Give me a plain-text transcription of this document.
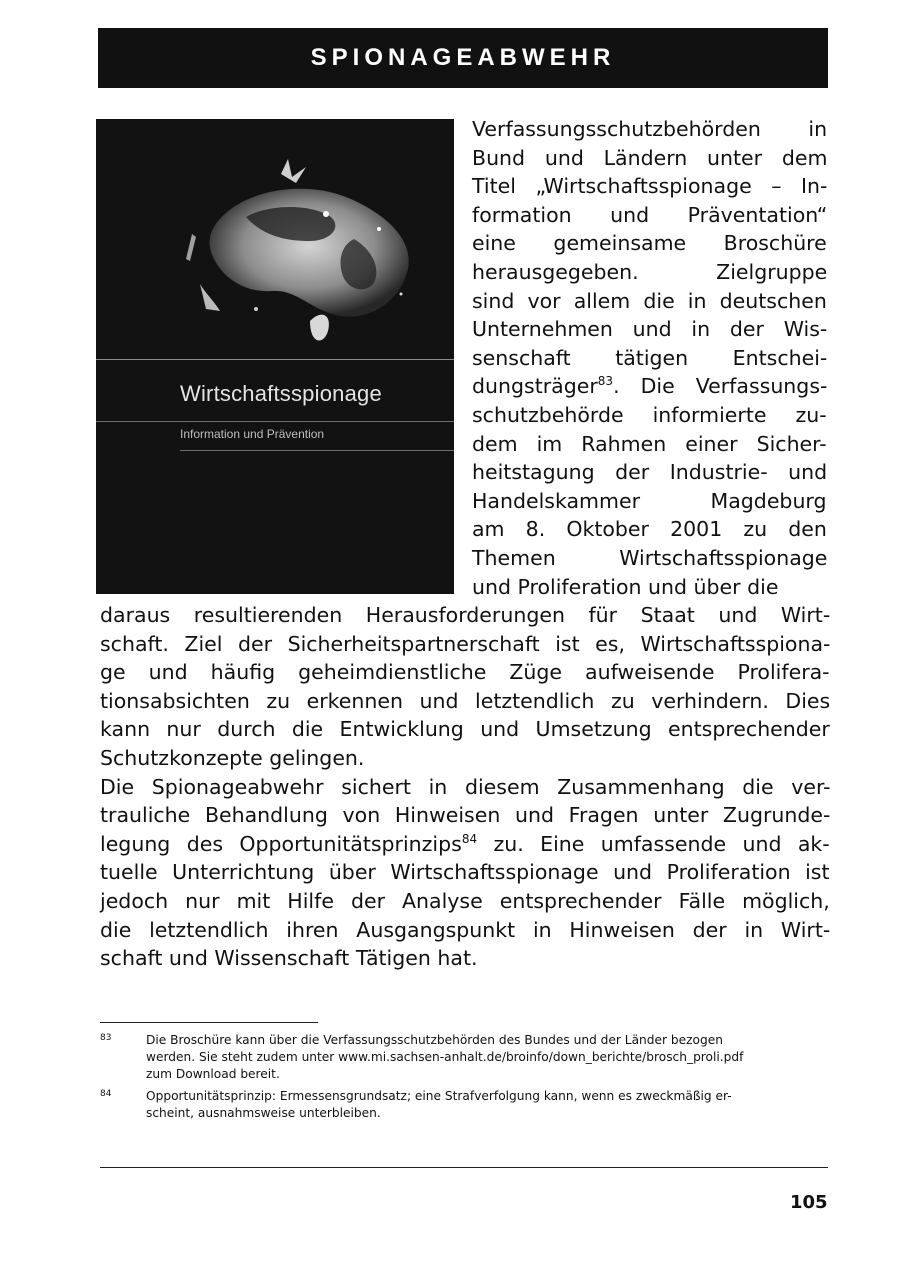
SPIONAGEABWEHR
Wirtschaftsspionage
Information und Prävention
Verfassungsschutzbehörden in
Bund und Ländern unter dem
Titel „Wirtschaftsspionage – In-
formation und Präventation“
eine gemeinsame Broschüre
herausgegeben. Zielgruppe
sind vor allem die in deutschen
Unternehmen und in der Wis-
senschaft tätigen Entschei-
dungsträger$^{83}$. Die Verfassungs-
schutzbehörde informierte zu-
dem im Rahmen einer Sicher-
heitstagung der Industrie- und
Handelskammer Magdeburg
am 8. Oktober 2001 zu den
Themen Wirtschaftsspionage
und Proliferation und über die
daraus resultierenden Herausforderungen für Staat und Wirt-
schaft. Ziel der Sicherheitspartnerschaft ist es, Wirtschaftsspiona-
ge und häufig geheimdienstliche Züge aufweisende Prolifera-
tionsabsichten zu erkennen und letztendlich zu verhindern. Dies
kann nur durch die Entwicklung und Umsetzung entsprechender
Schutzkonzepte gelingen.
Die Spionageabwehr sichert in diesem Zusammenhang die ver-
trauliche Behandlung von Hinweisen und Fragen unter Zugrunde-
legung des Opportunitätsprinzips$^{84}$ zu. Eine umfassende und ak-
tuelle Unterrichtung über Wirtschaftsspionage und Proliferation ist
jedoch nur mit Hilfe der Analyse entsprechender Fälle möglich,
die letztendlich ihren Ausgangspunkt in Hinweisen der in Wirt-
schaft und Wissenschaft Tätigen hat.
83	Die Broschüre kann über die Verfassungsschutzbehörden des Bundes und der Länder bezogen
werden. Sie steht zudem unter www.mi.sachsen-anhalt.de/broinfo/down_berichte/brosch_proli.pdf
zum Download bereit.
84	Opportunitätsprinzip: Ermessensgrundsatz; eine Strafverfolgung kann, wenn es zweckmäßig er-
scheint, ausnahmsweise unterbleiben.
105
